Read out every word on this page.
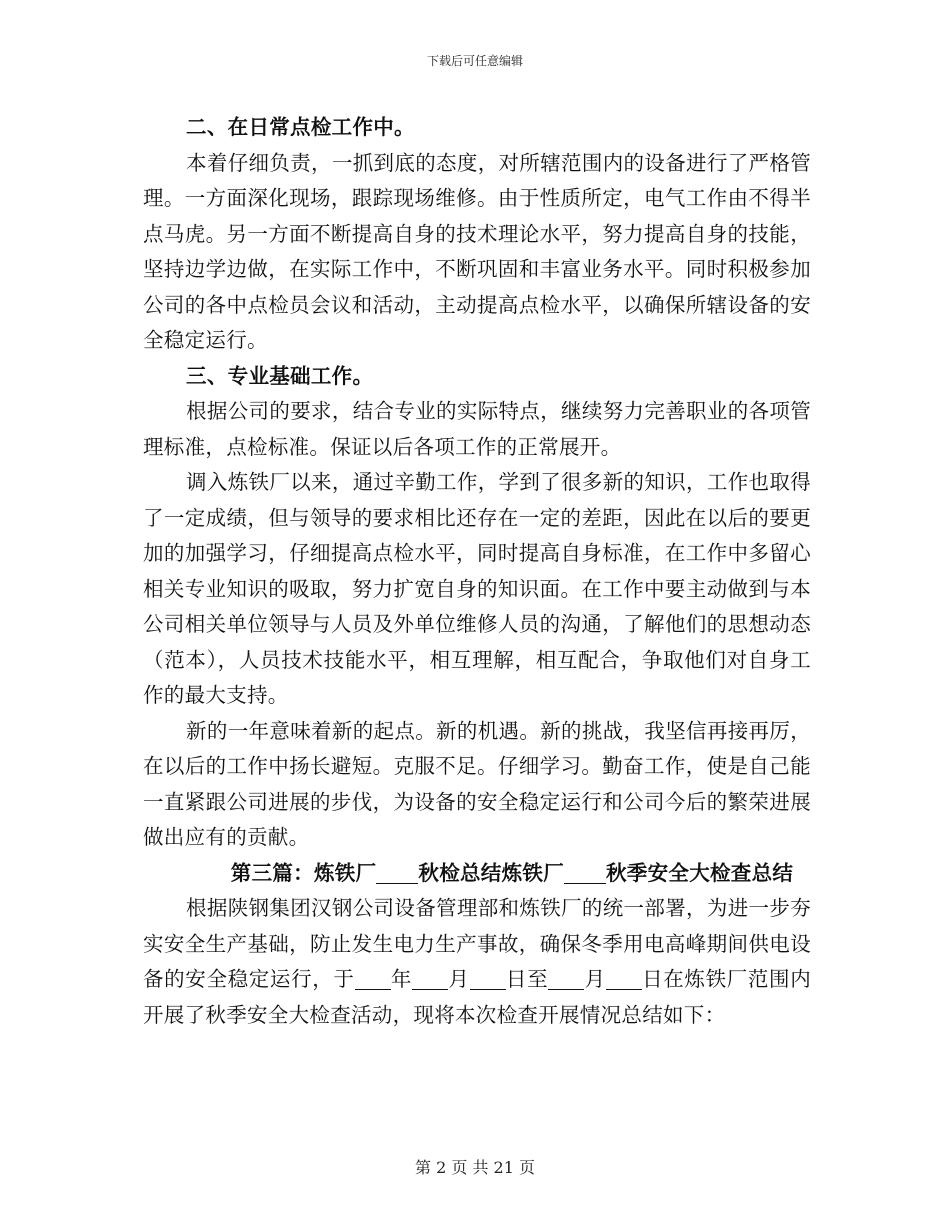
下载后可任意编辑

二、在日常点检工作中。

本着仔细负责，一抓到底的态度，对所辖范围内的设备进行了严格管理。一方面深化现场，跟踪现场维修。由于性质所定，电气工作由不得半点马虎。另一方面不断提高自身的技术理论水平，努力提高自身的技能，坚持边学边做，在实际工作中，不断巩固和丰富业务水平。同时积极参加公司的各中点检员会议和活动，主动提高点检水平，以确保所辖设备的安全稳定运行。

三、专业基础工作。

根据公司的要求，结合专业的实际特点，继续努力完善职业的各项管理标准，点检标准。保证以后各项工作的正常展开。

调入炼铁厂以来，通过辛勤工作，学到了很多新的知识，工作也取得了一定成绩，但与领导的要求相比还存在一定的差距，因此在以后的要更加的加强学习，仔细提高点检水平，同时提高自身标准，在工作中多留心相关专业知识的吸取，努力扩宽自身的知识面。在工作中要主动做到与本公司相关单位领导与人员及外单位维修人员的沟通，了解他们的思想动态（范本），人员技术技能水平，相互理解，相互配合，争取他们对自身工作的最大支持。

新的一年意味着新的起点。新的机遇。新的挑战，我坚信再接再厉，在以后的工作中扬长避短。克服不足。仔细学习。勤奋工作，使是自己能一直紧跟公司进展的步伐，为设备的安全稳定运行和公司今后的繁荣进展做出应有的贡献。

第三篇：炼铁厂 秋检总结炼铁厂 秋季安全大检查总结

根据陕钢集团汉钢公司设备管理部和炼铁厂的统一部署，为进一步夯实安全生产基础，防止发生电力生产事故，确保冬季用电高峰期间供电设备的安全稳定运行，于 年 月 日至 月 日在炼铁厂范围内开展了秋季安全大检查活动，现将本次检查开展情况总结如下：

第 2 页 共 21 页
